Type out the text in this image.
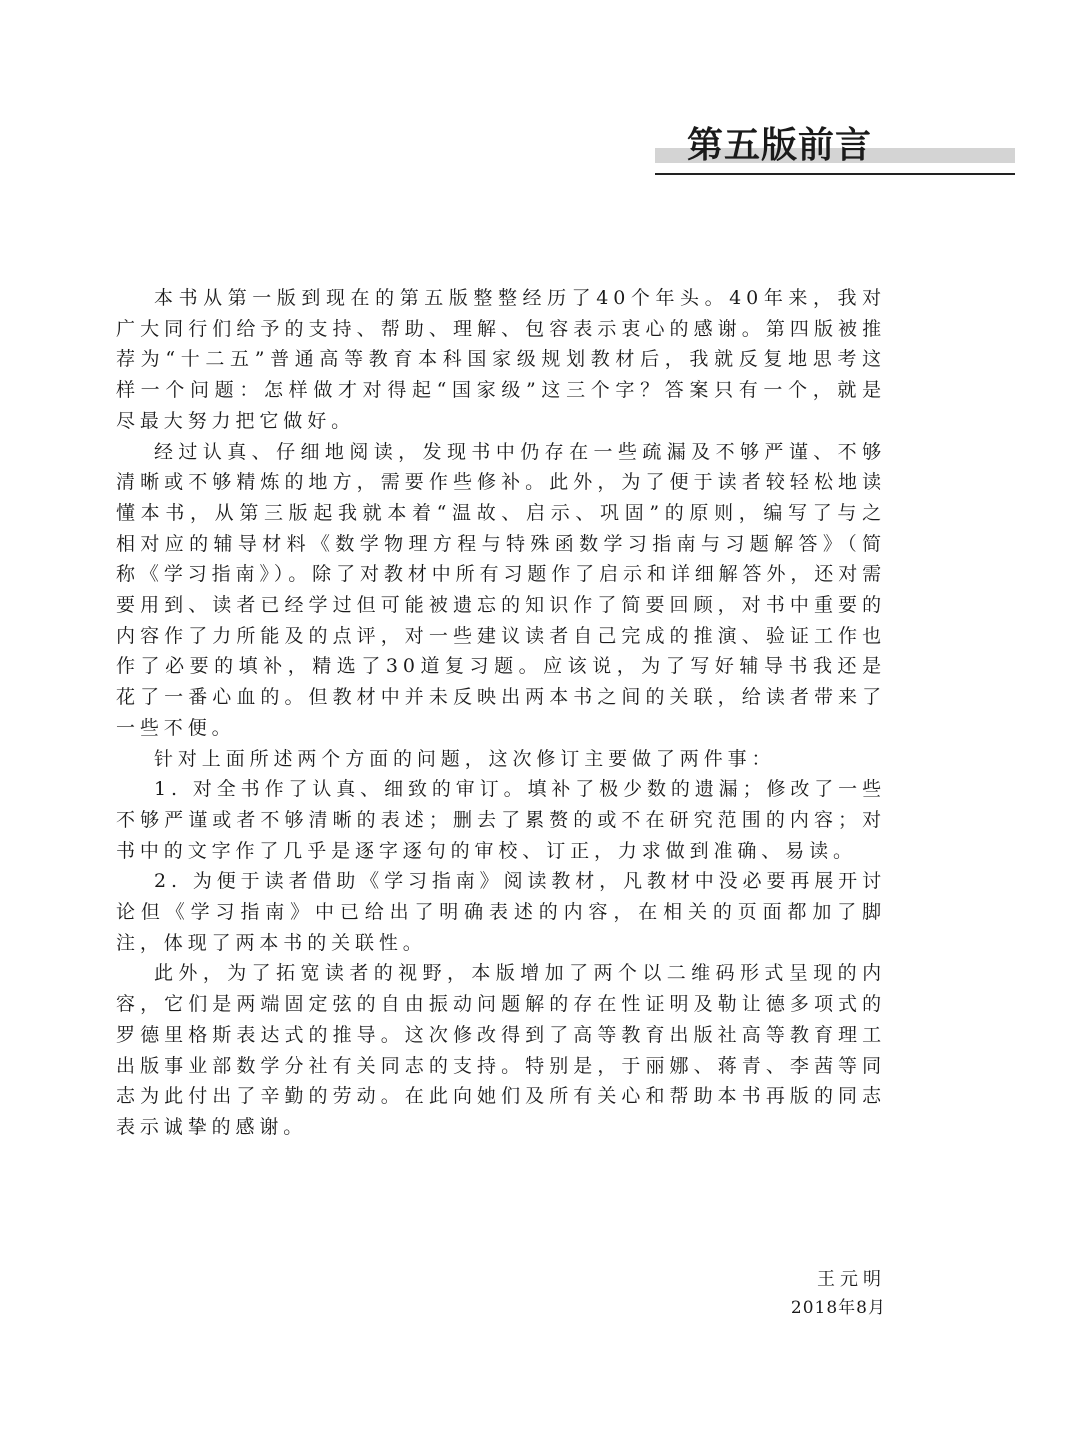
第五版前言

本书从第一版到现在的第五版整整经历了40个年头。40年来，我对广大同行们给予的支持、帮助、理解、包容表示衷心的感谢。第四版被推荐为“十二五”普通高等教育本科国家级规划教材后，我就反复地思考这样一个问题：怎样做才对得起“国家级”这三个字？答案只有一个，就是尽最大努力把它做好。

经过认真、仔细地阅读，发现书中仍存在一些疏漏及不够严谨、不够清晰或不够精炼的地方，需要作些修补。此外，为了便于读者较轻松地读懂本书，从第三版起我就本着“温故、启示、巩固”的原则，编写了与之相对应的辅导材料《数学物理方程与特殊函数学习指南与习题解答》（简称《学习指南》）。除了对教材中所有习题作了启示和详细解答外，还对需要用到、读者已经学过但可能被遗忘的知识作了简要回顾，对书中重要的内容作了力所能及的点评，对一些建议读者自己完成的推演、验证工作也作了必要的填补，精选了30道复习题。应该说，为了写好辅导书我还是花了一番心血的。但教材中并未反映出两本书之间的关联，给读者带来了一些不便。

针对上面所述两个方面的问题，这次修订主要做了两件事：

1. 对全书作了认真、细致的审订。填补了极少数的遗漏；修改了一些不够严谨或者不够清晰的表述；删去了累赘的或不在研究范围的内容；对书中的文字作了几乎是逐字逐句的审校、订正，力求做到准确、易读。

2. 为便于读者借助《学习指南》阅读教材，凡教材中没必要再展开讨论但《学习指南》中已给出了明确表述的内容，在相关的页面都加了脚注，体现了两本书的关联性。

此外，为了拓宽读者的视野，本版增加了两个以二维码形式呈现的内容，它们是两端固定弦的自由振动问题解的存在性证明及勒让德多项式的罗德里格斯表达式的推导。这次修改得到了高等教育出版社高等教育理工出版事业部数学分社有关同志的支持。特别是，于丽娜、蒋青、李茜等同志为此付出了辛勤的劳动。在此向她们及所有关心和帮助本书再版的同志表示诚挚的感谢。

王元明
2018年8月
